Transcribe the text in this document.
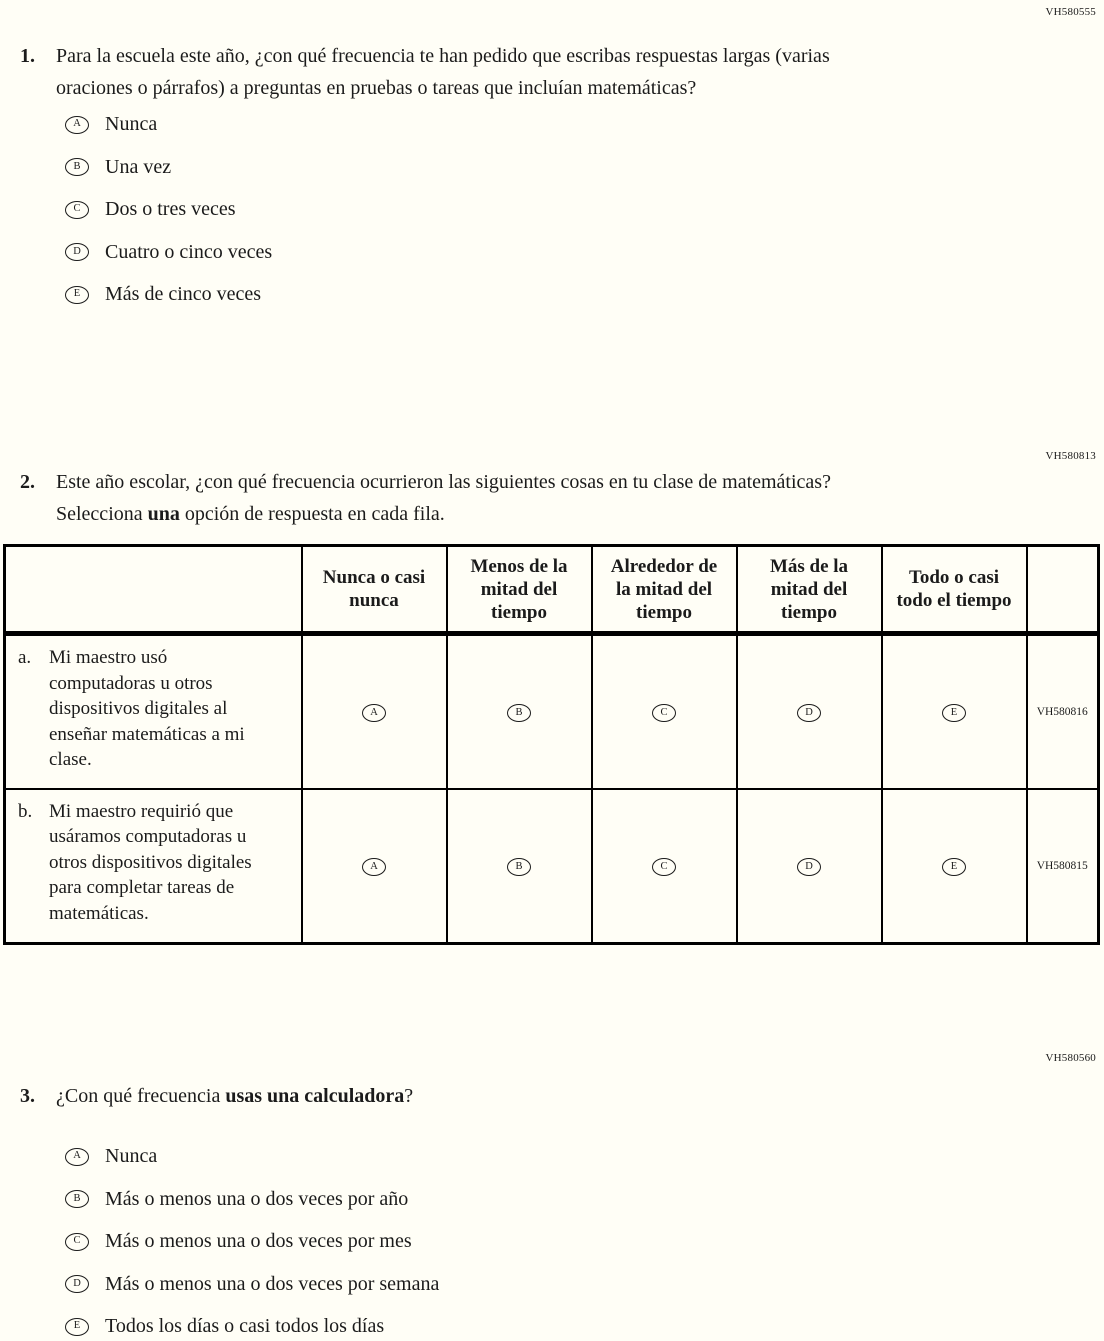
VH580555
1.	Para la escuela este año, ¿con qué frecuencia te han pedido que escribas respuestas largas (varias oraciones o párrafos) a preguntas en pruebas o tareas que incluían matemáticas?
A	Nunca
B	Una vez
C	Dos o tres veces
D	Cuatro o cinco veces
E	Más de cinco veces
VH580813
2.	Este año escolar, ¿con qué frecuencia ocurrieron las siguientes cosas en tu clase de matemáticas? Selecciona una opción de respuesta en cada fila.
	Nunca o casi nunca	Menos de la mitad del tiempo	Alrededor de la mitad del tiempo	Más de la mitad del tiempo	Todo o casi todo el tiempo	

a. Mi maestro usó computadoras u otros dispositivos digitales al enseñar matemáticas a mi clase.	A	B	C	D	E	VH580816

b. Mi maestro requirió que usáramos computadoras u otros dispositivos digitales para completar tareas de matemáticas.	A	B	C	D	E	VH580815
VH580560
3.	¿Con qué frecuencia usas una calculadora?
A	Nunca
B	Más o menos una o dos veces por año
C	Más o menos una o dos veces por mes
D	Más o menos una o dos veces por semana
E	Todos los días o casi todos los días
